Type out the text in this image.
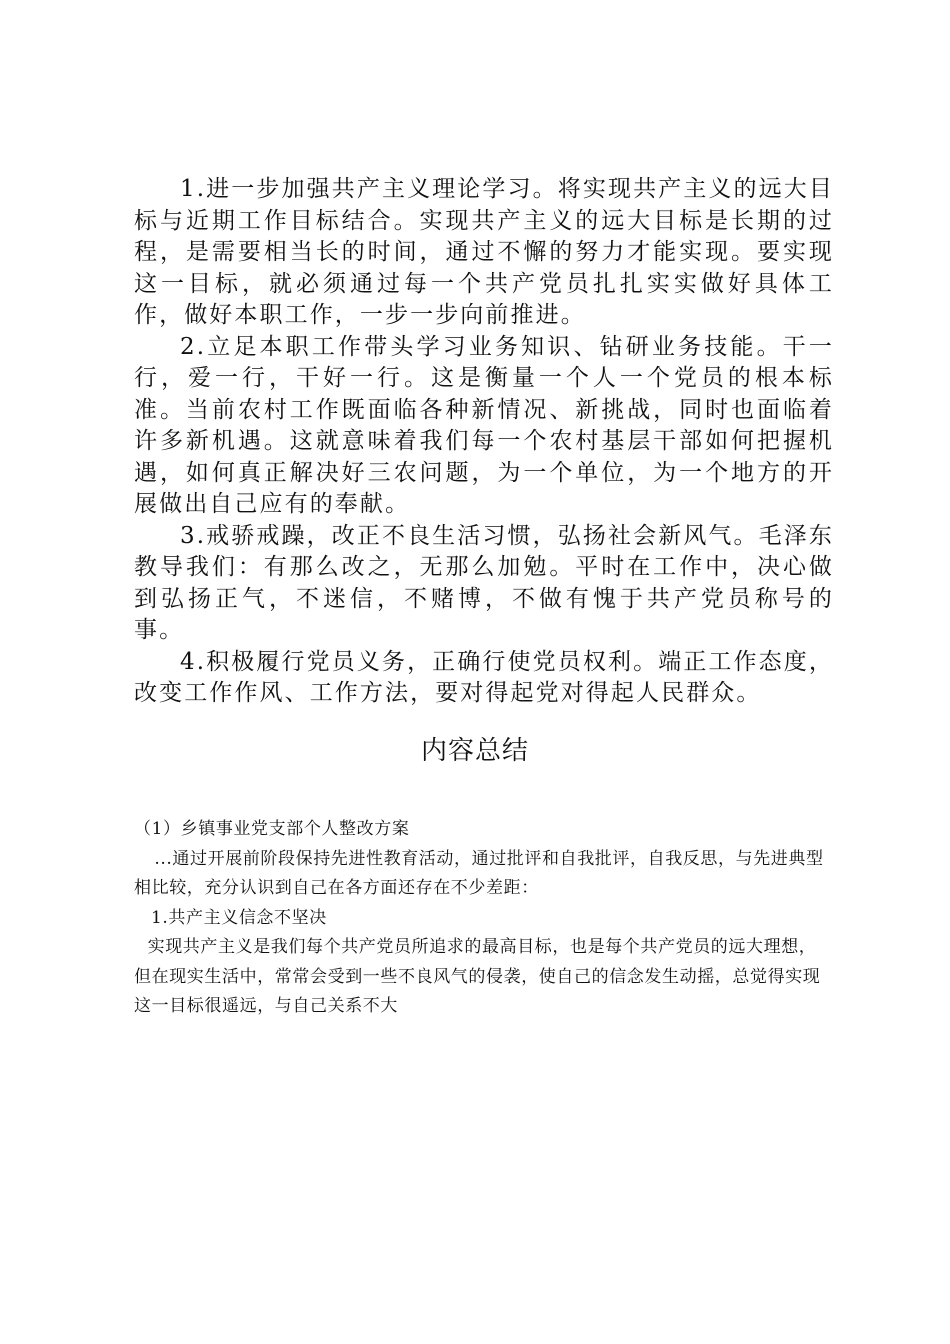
1.进一步加强共产主义理论学习。将实现共产主义的远大目标与近期工作目标结合。实现共产主义的远大目标是长期的过程，是需要相当长的时间，通过不懈的努力才能实现。要实现这一目标，就必须通过每一个共产党员扎扎实实做好具体工作，做好本职工作，一步一步向前推进。

2.立足本职工作带头学习业务知识、钻研业务技能。干一行，爱一行，干好一行。这是衡量一个人一个党员的根本标准。当前农村工作既面临各种新情况、新挑战，同时也面临着许多新机遇。这就意味着我们每一个农村基层干部如何把握机遇，如何真正解决好三农问题，为一个单位，为一个地方的开展做出自己应有的奉献。

3.戒骄戒躁，改正不良生活习惯，弘扬社会新风气。毛泽东教导我们：有那么改之，无那么加勉。平时在工作中，决心做到弘扬正气，不迷信，不赌博，不做有愧于共产党员称号的事。

4.积极履行党员义务，正确行使党员权利。端正工作态度，改变工作作风、工作方法，要对得起党对得起人民群众。

内容总结

（1）乡镇事业党支部个人整改方案

...通过开展前阶段保持先进性教育活动，通过批评和自我批评，自我反思，与先进典型相比较，充分认识到自己在各方面还存在不少差距：

1.共产主义信念不坚决

实现共产主义是我们每个共产党员所追求的最高目标，也是每个共产党员的远大理想，但在现实生活中，常常会受到一些不良风气的侵袭，使自己的信念发生动摇，总觉得实现这一目标很遥远，与自己关系不大
